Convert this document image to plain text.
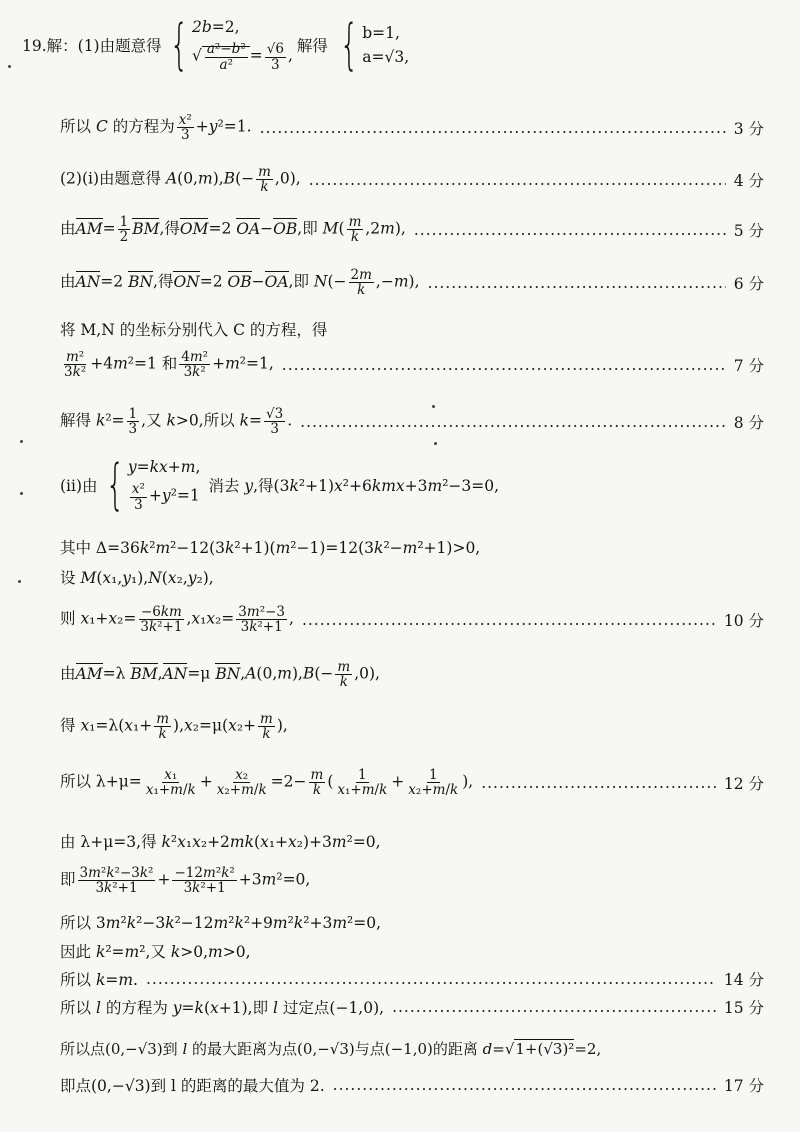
19.解：(1)由题意得 { 2b=2,
√ $\frac{\text{a²−b²}}{\text{a²}} = \frac{√6}{3}$ ,
解得 { b=1,
a=√3,
所以 C 的方程为 $\frac{\text{x²}}{3} +y^2=1$. .....	3 分
(2)(ⅰ)由题意得 $A(0,m),B(- \frac{m}{k} ,0)$, .....	4 分
由$AM= \frac{1}{2}$ BM,得OM=2 OA−OB,即 $M( \frac{m}{k} ,2m)$, .....	5 分
由AN=2 BN,得ON=2 OB−OA,即 $N(- \frac{2m}{k} ,-m)$, .....	6 分
将 M,N 的坐标分别代入 C 的方程，得
$\frac{\text{m²}}{\text{3k²}} +4m^2=1$ 和 $\frac{\text{4m²}}{\text{3k²}} +m^2=1$, .....	7 分
解得 $k^2= \frac{1}{3}$ ,又 k>0,所以 $k= \frac{√3}{3}$ . .....	8 分
(ⅱ)由 { y=kx+m,
$\frac{\text{x²}}{3} +y^2=1$
消去 y,得(3k²+1)x²+6kmx+3m²−3=0,
其中 Δ=36k²m²−12(3k²+1)(m²−1)=12(3k²−m²+1)>0,
设 M(x₁,y₁),N(x₂,y₂),
则 $x_1+x_2= \frac{-6km}{\text{3k²+1}} ,x_1x_2= \frac{\text{3m²−3}}{\text{3k²+1}}$ , .....	10 分
由AM=λ BM,AN=μ $BN,A(0,m),B(- \frac{m}{k} ,0)$,
得 $x_1=\lambda(x_1+ \frac{m}{k} ),x_2=\mu(x_2+ \frac{m}{k}$ ),
所以 $\lambda+\mu= \frac{\text{x₁}}{\text{x₁+m/k}} + \frac{\text{x₂}}{\text{x₂+m/k}} =2- \frac{m}{k}$ ( $\frac{1}{\text{x₁+m/k}} + \frac{1}{\text{x₂+m/k}}$ ), .....	12 分
由 λ+μ=3,得 k²x₁x₂+2mk(x₁+x₂)+3m²=0,
即 $\frac{\text{3m²k²−3k²}}{\text{3k²+1}} + \frac{\text{−12m²k²}}{\text{3k²+1}} +3m^2=0$,
所以 3m²k²−3k²−12m²k²+9m²k²+3m²=0,
因此 k²=m²,又 k>0,m>0,
所以 k=m. .....	14 分
所以 l 的方程为 y=k(x+1),即 l 过定点(−1,0), .....	15 分
所以点(0,−√3)到 l 的最大距离为点(0,−√3)与点(−1,0)的距离 d=√1+(√3)²=2,
即点(0,−√3)到 l 的距离的最大值为 2. .....	17 分
